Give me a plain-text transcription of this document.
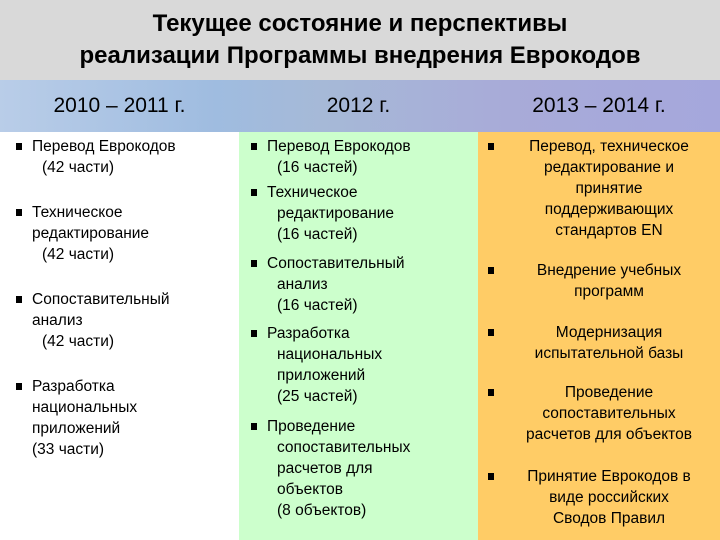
Текущее состояние и перспективы
реализации Программы внедрения Еврокодов
2010 – 2011 г.	2012 г.	2013 – 2014 г.
Перевод Еврокодов
(42 части)
Техническое
редактирование
(42 части)
Сопоставительный
анализ
(42 части)
Разработка
национальных
приложений
(33 части)
Перевод Еврокодов
(16 частей)
Техническое
редактирование
(16 частей)
Сопоставительный
анализ
(16 частей)
Разработка
национальных
приложений
(25 частей)
Проведение
сопоставительных
расчетов для
объектов
(8 объектов)
Перевод, техническое
редактирование и
принятие
поддерживающих
стандартов EN
Внедрение учебных
программ
Модернизация
испытательной базы
Проведение
сопоставительных
расчетов для объектов
Принятие Еврокодов в
виде российских
Сводов Правил
